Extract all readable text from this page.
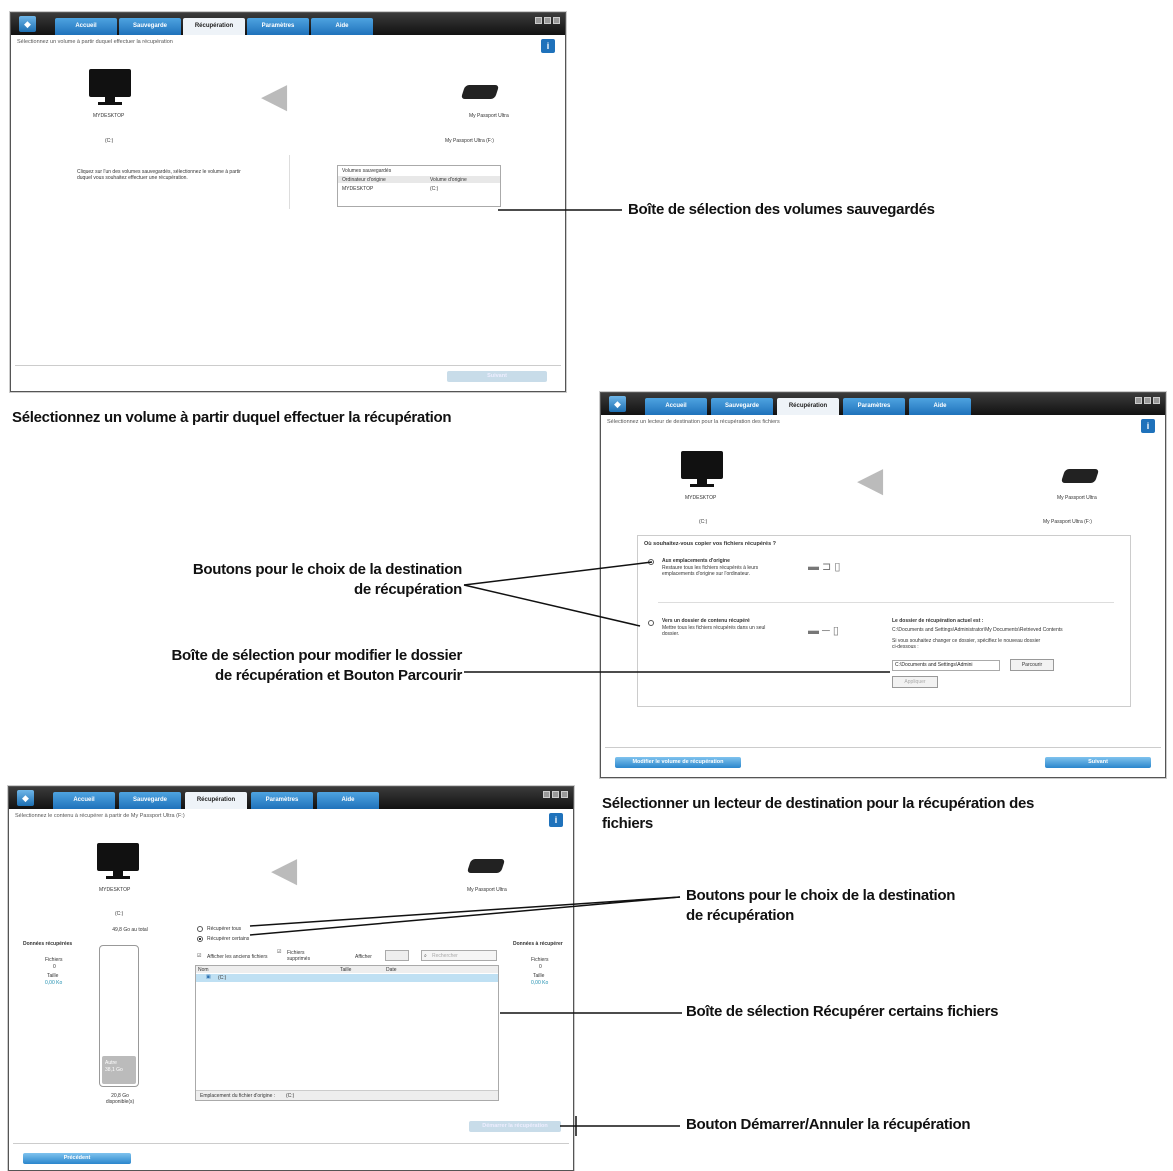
◆	Accueil	Sauvegarde	Récupération	Paramètres	Aide
Sélectionnez un volume à partir duquel effectuer la récupération	i
MYDESKTOP
(C:)
◀
My Passport Ultra
My Passport Ultra (F:)
Cliquez sur l'un des volumes sauvegardés, sélectionnez le volume à partir duquel vous souhaitez effectuer une récupération.
Volumes sauvegardés
Ordinateur d'origine	Volume d'origine
MYDESKTOP	(C:)
Suivant
Sélectionnez un volume à partir duquel effectuer la récupération
Boîte de sélection des volumes sauvegardés
◆	Accueil	Sauvegarde	Récupération	Paramètres	Aide
Sélectionnez un lecteur de destination pour la récupération des fichiers	i
MYDESKTOP
(C:)
◀	My Passport Ultra
My Passport Ultra (F:)
Où souhaitez-vous copier vos fichiers récupérés ?
Aux emplacements d'origine
Restaure tous les fichiers récupérés à leurs emplacements d'origine sur l'ordinateur.
▬ ⊐ ▯
Vers un dossier de contenu récupéré
Mettre tous les fichiers récupérés dans un seul dossier.	▬ ─ ▯
Le dossier de récupération actuel est :
C:\Documents and Settings\Administrator\My Documents\Retrieved Contents
Si vous souhaitez changer ce dossier, spécifiez le nouveau dossier ci-dessous :
C:\Documents and Settings\Admini	Parcourir
Appliquer
Modifier le volume de récupération	Suivant
Boutons pour le choix de la destination
de récupération
Boîte de sélection pour modifier le dossier
de récupération et Bouton Parcourir
Sélectionner un lecteur de destination pour la récupération des fichiers
◆	Accueil	Sauvegarde	Récupération	Paramètres	Aide
Sélectionnez le contenu à récupérer à partir de My Passport Ultra (F:)	i
MYDESKTOP
(C:)
49,8 Go au total
◀
My Passport Ultra
Données récupérées
Fichiers
0
Taille
0,00 Ko
Autre
38,1 Go
20,8 Go disponible(s)
Récupérer tous
Récupérer certains
☑ Afficher les anciens fichiers
☑ Fichiers supprimés	Afficher	⌕ Rechercher
Nom	Taille	Date
▣ (C:)
Emplacement du fichier d'origine : (C:)
Données à récupérer
Fichiers
0
Taille
0,00 Ko
Démarrer la récupération
Précédent
Boutons pour le choix de la destination
de récupération
Boîte de sélection Récupérer certains fichiers
Bouton Démarrer/Annuler la récupération
